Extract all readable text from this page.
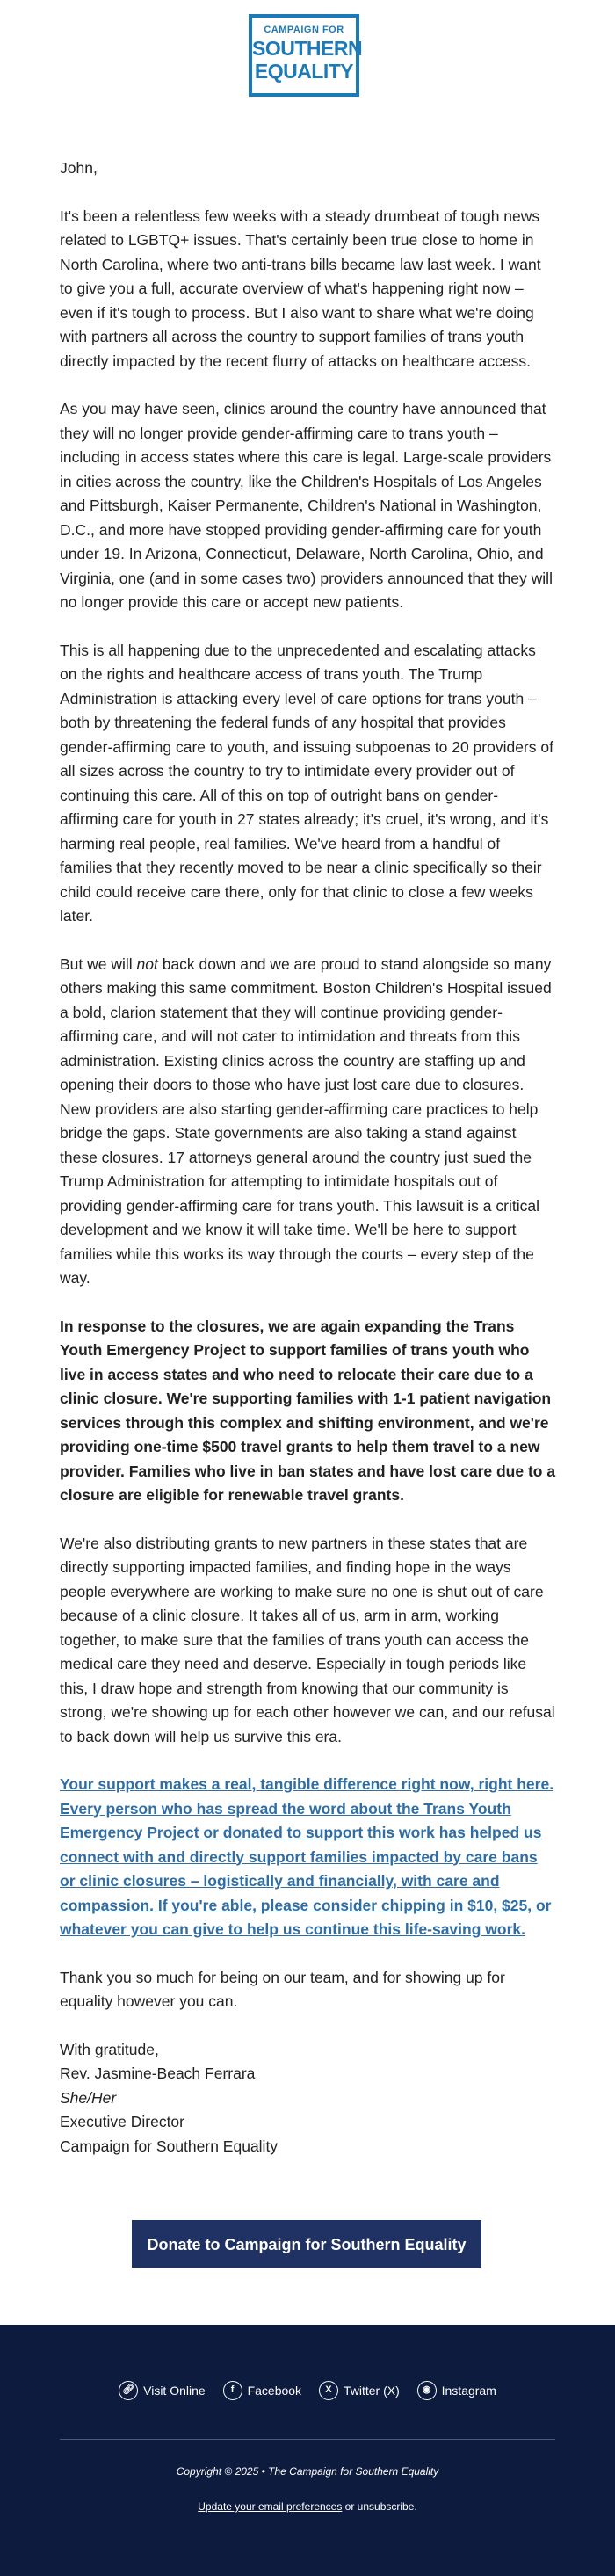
CAMPAIGN FOR
SOUTHERN
EQUALITY

John,

It's been a relentless few weeks with a steady drumbeat of tough news related to LGBTQ+ issues. That's certainly been true close to home in North Carolina, where two anti-trans bills became law last week. I want to give you a full, accurate overview of what's happening right now – even if it's tough to process. But I also want to share what we're doing with partners all across the country to support families of trans youth directly impacted by the recent flurry of attacks on healthcare access.

As you may have seen, clinics around the country have announced that they will no longer provide gender-affirming care to trans youth – including in access states where this care is legal. Large-scale providers in cities across the country, like the Children's Hospitals of Los Angeles and Pittsburgh, Kaiser Permanente, Children's National in Washington, D.C., and more have stopped providing gender-affirming care for youth under 19. In Arizona, Connecticut, Delaware, North Carolina, Ohio, and Virginia, one (and in some cases two) providers announced that they will no longer provide this care or accept new patients.

This is all happening due to the unprecedented and escalating attacks on the rights and healthcare access of trans youth. The Trump Administration is attacking every level of care options for trans youth – both by threatening the federal funds of any hospital that provides gender-affirming care to youth, and issuing subpoenas to 20 providers of all sizes across the country to try to intimidate every provider out of continuing this care. All of this on top of outright bans on gender-affirming care for youth in 27 states already; it's cruel, it's wrong, and it's harming real people, real families. We've heard from a handful of families that they recently moved to be near a clinic specifically so their child could receive care there, only for that clinic to close a few weeks later.

But we will not back down and we are proud to stand alongside so many others making this same commitment. Boston Children's Hospital issued a bold, clarion statement that they will continue providing gender-affirming care, and will not cater to intimidation and threats from this administration. Existing clinics across the country are staffing up and opening their doors to those who have just lost care due to closures. New providers are also starting gender-affirming care practices to help bridge the gaps. State governments are also taking a stand against these closures. 17 attorneys general around the country just sued the Trump Administration for attempting to intimidate hospitals out of providing gender-affirming care for trans youth. This lawsuit is a critical development and we know it will take time. We'll be here to support families while this works its way through the courts – every step of the way.

In response to the closures, we are again expanding the Trans Youth Emergency Project to support families of trans youth who live in access states and who need to relocate their care due to a clinic closure. We're supporting families with 1-1 patient navigation services through this complex and shifting environment, and we're providing one-time $500 travel grants to help them travel to a new provider. Families who live in ban states and have lost care due to a closure are eligible for renewable travel grants.

We're also distributing grants to new partners in these states that are directly supporting impacted families, and finding hope in the ways people everywhere are working to make sure no one is shut out of care because of a clinic closure. It takes all of us, arm in arm, working together, to make sure that the families of trans youth can access the medical care they need and deserve. Especially in tough periods like this, I draw hope and strength from knowing that our community is strong, we're showing up for each other however we can, and our refusal to back down will help us survive this era.

Your support makes a real, tangible difference right now, right here. Every person who has spread the word about the Trans Youth Emergency Project or donated to support this work has helped us connect with and directly support families impacted by care bans or clinic closures – logistically and financially, with care and compassion. If you're able, please consider chipping in $10, $25, or whatever you can give to help us continue this life-saving work.

Thank you so much for being on our team, and for showing up for equality however you can.

With gratitude,
Rev. Jasmine-Beach Ferrara
She/Her
Executive Director
Campaign for Southern Equality

Donate to Campaign for Southern Equality
🔗︎ Visit Online	f Facebook X Twitter (X) ◉ Instagram
Copyright © 2025 • The Campaign for Southern Equality
Update your email preferences or unsubscribe.
